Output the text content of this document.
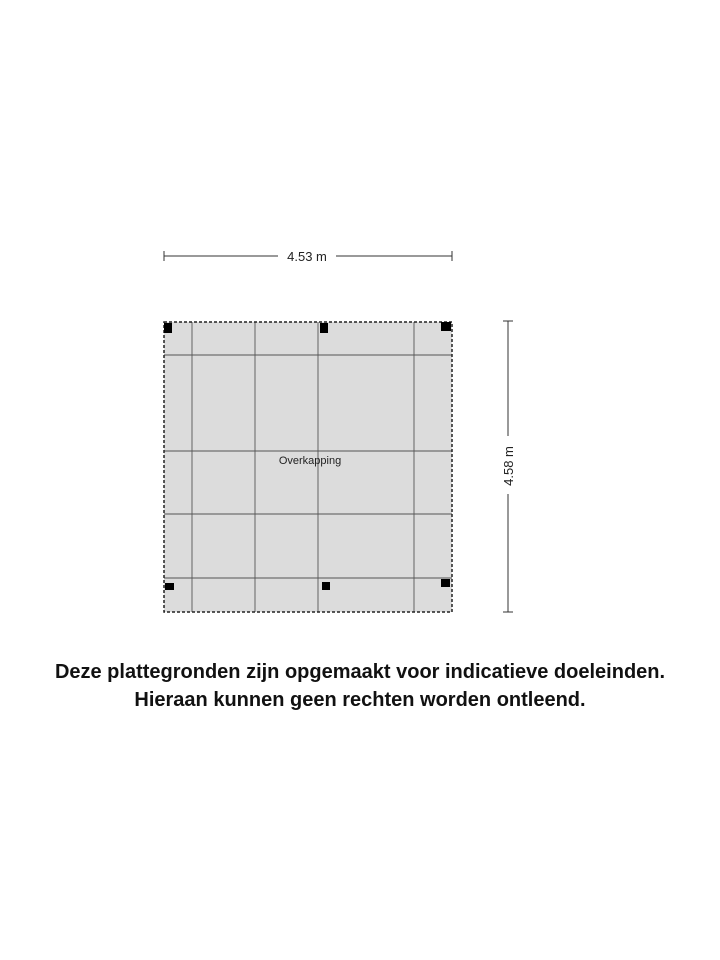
4.53 m
4.58 m
Overkapping
Deze plattegronden zijn opgemaakt voor indicatieve doeleinden.
Hieraan kunnen geen rechten worden ontleend.
